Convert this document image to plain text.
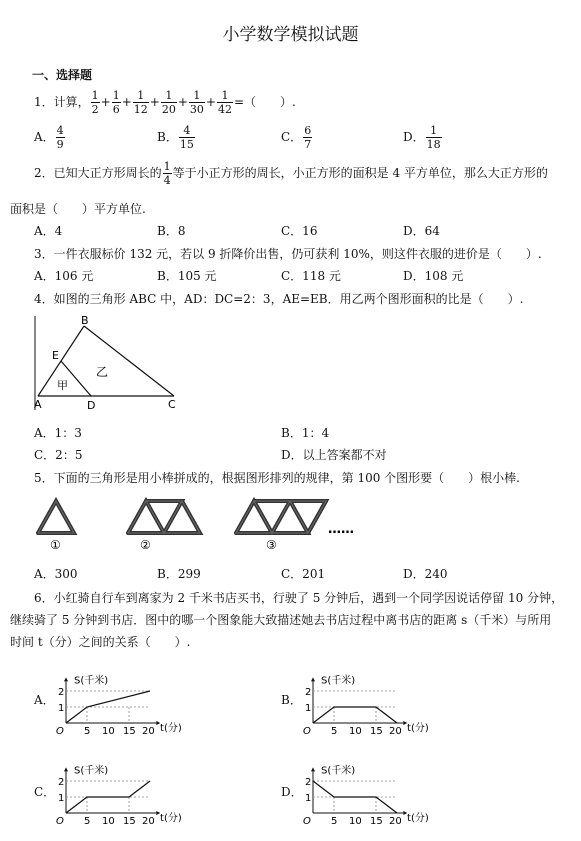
小学数学模拟试题
一、选择题
1．计算， $\frac{1}{2} + \frac{1}{6} + \frac{1}{12} + \frac{1}{20} + \frac{1}{30} + \frac{1}{42}$ =（　　）.
A． $\frac{4}{9}$	B． $\frac{4}{15}$	C． $\frac{6}{7}$	D． $\frac{1}{18}$
2．已知大正方形周长的 $\frac{1}{4}$ 等于小正方形的周长，小正方形的面积是 4 平方单位，那么大正方形的
面积是（　　）平方单位.
A．4	B．8	C．16	D．64
3．一件衣服标价 132 元，若以 9 折降价出售，仍可获利 10%，则这件衣服的进价是（　　）.
A．106 元	B．105 元	C．118 元	D．108 元
4．如图的三角形 ABC 中，AD：DC=2：3，AE=EB．用乙两个图形面积的比是（　　）.
B
E
A	D	C
甲
乙
A．1：3	B．1：4
C．2：5	D．以上答案都不对
5．下面的三角形是用小棒拼成的，根据图形排列的规律，第 100 个图形要（　　）根小棒.
①	②	③
……
A．300	B．299	C．201	D．240
6．小红骑自行车到离家为 2 千米书店买书，行驶了 5 分钟后，遇到一个同学因说话停留 10 分钟，
继续骑了 5 分钟到书店．图中的哪一个图象能大致描述她去书店过程中离书店的距离 s（千米）与所用
时间 t（分）之间的关系（　　）.
A．	B．
C．	D．
S(千米)
t(分)
O
1
2
5 10 15 20
S(千米)
t(分)
O
1
2
5 10 15 20
S(千米)
t(分)
O
1
2
5 10 15 20
S(千米)
t(分)
O
1
2
5 10 15 20
